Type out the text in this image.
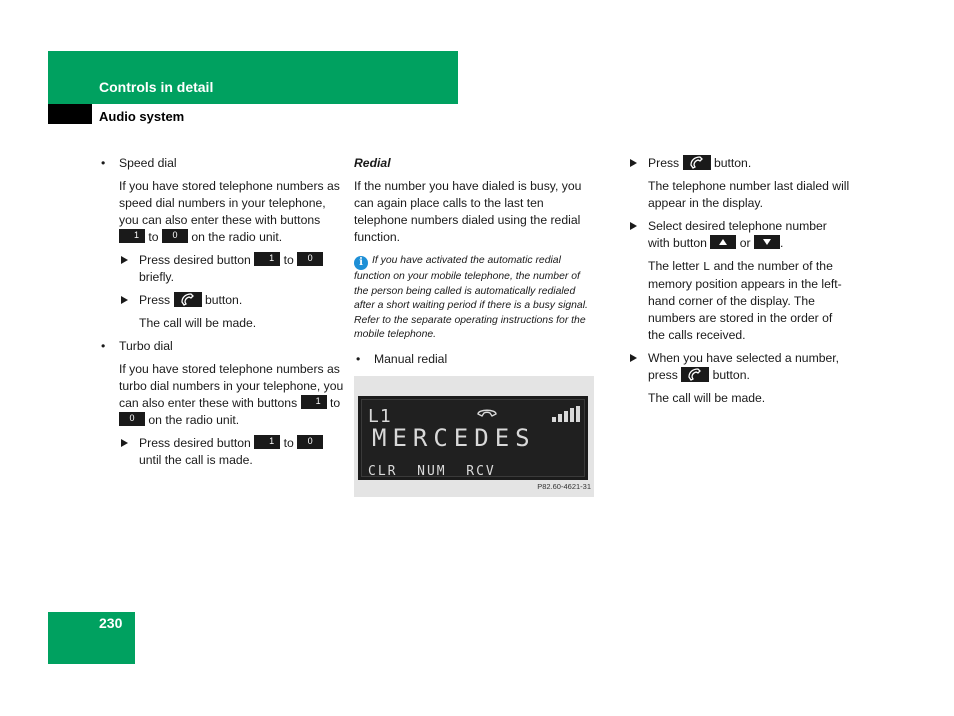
Controls in detail
Audio system
• Speed dial
If you have stored telephone numbers as speed dial numbers in your telephone, you can also enter these with buttons
1 to	0	on the radio unit.
Press desired button 1 to	0
briefly.
Press	button.
The call will be made.
• Turbo dial
If you have stored telephone numbers as turbo dial numbers in your telephone, you can also enter these with buttons 1 to
0	on the radio unit.
Press desired button 1 to	0
until the call is made.
Redial
If the number you have dialed is busy, you can again place calls to the last ten telephone numbers dialed using the redial function.
i If you have activated the automatic redial function on your mobile telephone, the number of the person being called is automatically redialed after a short waiting period if there is a busy signal. Refer to the separate operating instructions for the mobile telephone.
• Manual redial
L1
MERCEDES
CLR  NUM  RCV
P82.60-4621-31
Press	button.
The telephone number last dialed will appear in the display.
Select desired telephone number with button	or .
The letter L and the number of the memory position appears in the left-hand corner of the display. The numbers are stored in the order of the calls received.
When you have selected a number, press	button.
The call will be made.
230
